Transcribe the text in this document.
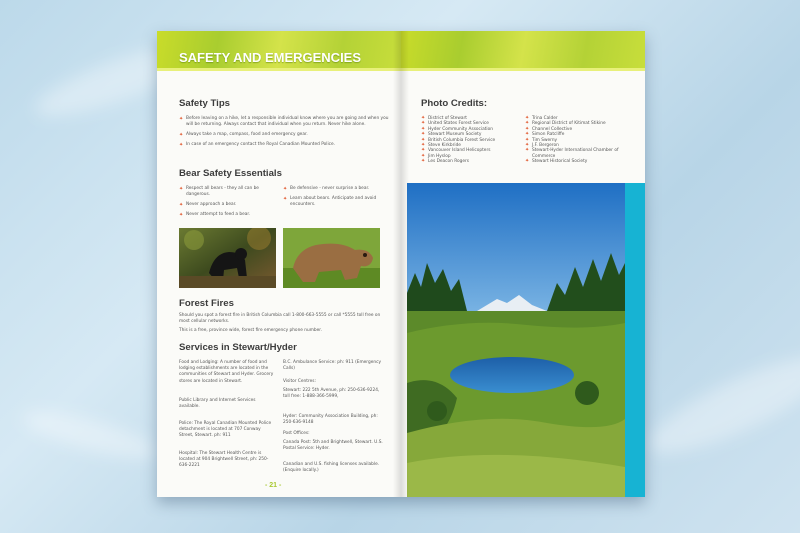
SAFETY AND EMERGENCIES
Safety Tips
✦ Before leaving on a hike, let a responsible individual know where you are going and when you will be returning. Always contact that individual when you return. Never hike alone.
✦ Always take a map, compass, food and emergency gear.
✦ In case of an emergency contact the Royal Canadian Mounted Police.
Bear Safety Essentials
✦ Respect all bears - they all can be dangerous.
✦ Never approach a bear.
✦ Never attempt to feed a bear.
✦ Be defensive - never surprise a bear.
✦ Learn about bears. Anticipate and avoid encounters.
Forest Fires
Should you spot a forest fire in British Columbia call 1-800-663-5555 or call *5555 toll free on most cellular networks.
This is a free, province wide, forest fire emergency phone number.
Services in Stewart/Hyder
Food and Lodging: A number of food and lodging establishments are located in the communities of Stewart and Hyder. Grocery stores are located in Stewart.
Public Library and Internet Services available.
Police: The Royal Canadian Mounted Police detachment is located at 707 Conway Street, Stewart. ph: 911
Hospital: The Stewart Health Centre is located at 904 Brightwell Street, ph: 250-636-2221
B.C. Ambulance Service: ph: 911 (Emergency Calls)
Visitor Centres:
Stewart: 222 5th Avenue, ph: 250-636-9224, toll free: 1-888-366-5999,
Hyder: Community Association Building, ph: 250-636-9148
Post Offices:
Canada Post: 5th and Brightwell, Stewart. U.S. Postal Service: Hyder.
Canadian and U.S. fishing licenses available. (Enquire locally.)
- 21 -
Photo Credits:
✦ District of Stewart
✦ United States Forest Service
✦ Hyder Community Association
✦ Stewart Museum Society
✦ British Columbia Forest Service
✦ Steve Kirkbride
✦ Vancouver Island Helicopters
✦ Jim Hyslop
✦ Les Deacon Rogers
✦ Trina Calder
✦ Regional District of Kitimat Stikine
✦ Channel Collective
✦ Simon Ratcliffe
✦ Tim Swerny
✦ J.F. Bergeron
✦ Stewart-Hyder International Chamber of Commerce
✦ Stewart Historical Society
